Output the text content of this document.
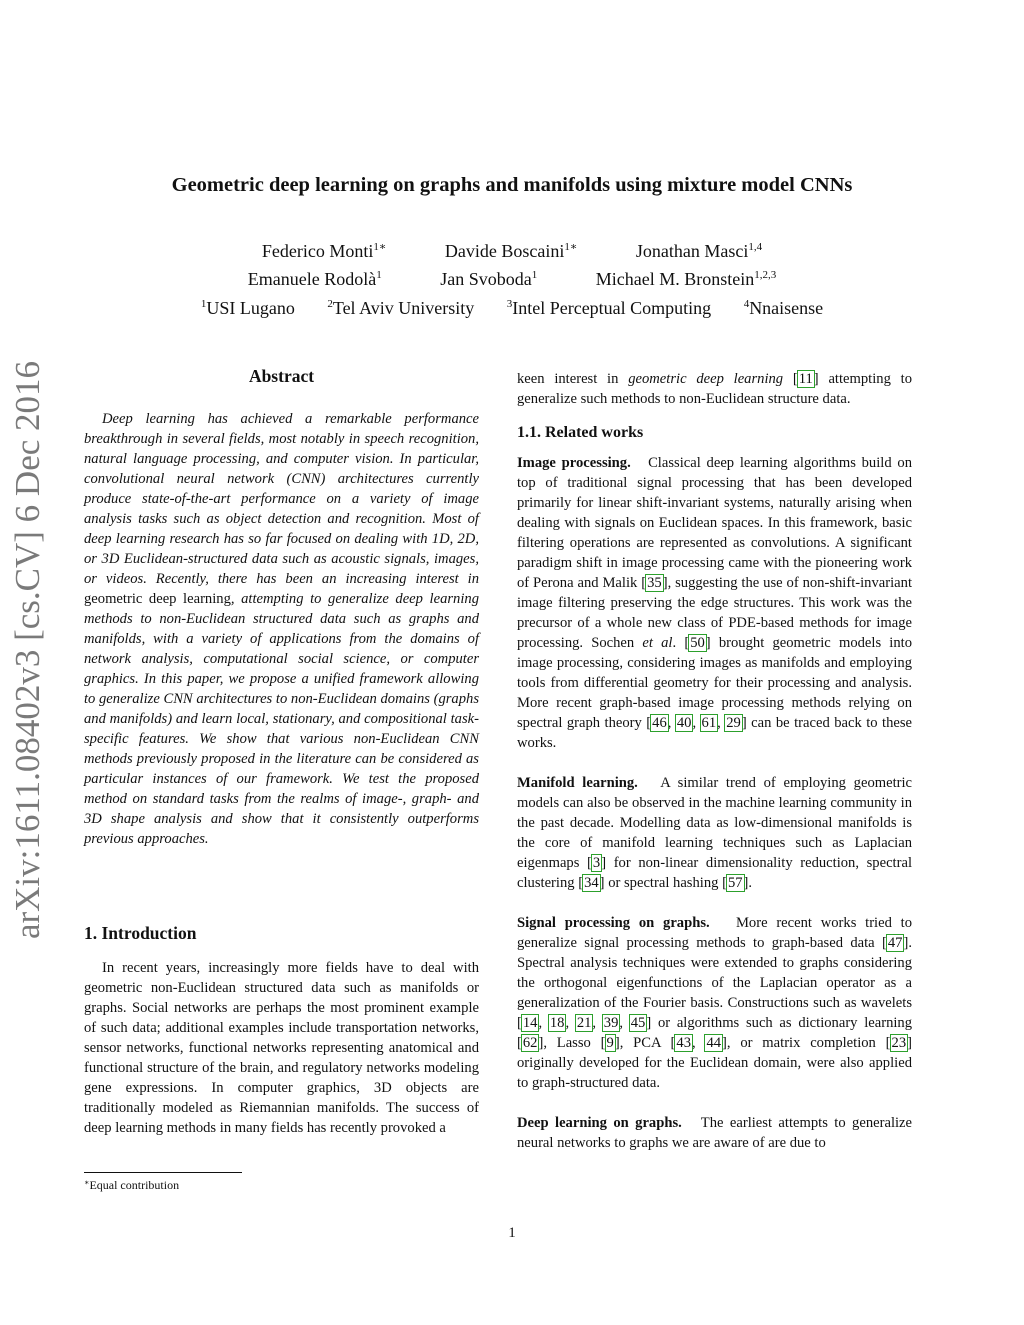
arXiv:1611.08402v3 [cs.CV] 6 Dec 2016
Geometric deep learning on graphs and manifolds using mixture model CNNs
Federico Monti$^{1∗}$	Davide Boscaini$^{1∗}$	Jonathan Masci$^{1,4}$
Emanuele Rodolà$^1$	Jan Svoboda$^1$	Michael M. Bronstein$^{1,2,3}$
$^1$USI Lugano	$^2$Tel Aviv University	$^3$Intel Perceptual Computing	$^4$Nnaisense
Abstract
Deep learning has achieved a remarkable performance breakthrough in several fields, most notably in speech recognition, natural language processing, and computer vision. In particular, convolutional neural network (CNN) architectures currently produce state-of-the-art performance on a variety of image analysis tasks such as object detection and recognition. Most of deep learning research has so far focused on dealing with 1D, 2D, or 3D Euclidean-structured data such as acoustic signals, images, or videos. Recently, there has been an increasing interest in geometric deep learning, attempting to generalize deep learning methods to non-Euclidean structured data such as graphs and manifolds, with a variety of applications from the domains of network analysis, computational social science, or computer graphics. In this paper, we propose a unified framework allowing to generalize CNN architectures to non-Euclidean domains (graphs and manifolds) and learn local, stationary, and compositional task-specific features. We show that various non-Euclidean CNN methods previously proposed in the literature can be considered as particular instances of our framework. We test the proposed method on standard tasks from the realms of image-, graph- and 3D shape analysis and show that it consistently outperforms previous approaches.
1. Introduction
In recent years, increasingly more fields have to deal with geometric non-Euclidean structured data such as manifolds or graphs. Social networks are perhaps the most prominent example of such data; additional examples include transportation networks, sensor networks, functional networks representing anatomical and functional structure of the brain, and regulatory networks modeling gene expressions. In computer graphics, 3D objects are traditionally modeled as Riemannian manifolds. The success of deep learning methods in many fields has recently provoked a
∗Equal contribution

keen interest in geometric deep learning [11] attempting to generalize such methods to non-Euclidean structure data.

1.1. Related works

Image processing. Classical deep learning algorithms build on top of traditional signal processing that has been developed primarily for linear shift-invariant systems, naturally arising when dealing with signals on Euclidean spaces. In this framework, basic filtering operations are represented as convolutions. A significant paradigm shift in image processing came with the pioneering work of Perona and Malik [35], suggesting the use of non-shift-invariant image filtering preserving the edge structures. This work was the precursor of a whole new class of PDE-based methods for image processing. Sochen et al. [50] brought geometric models into image processing, considering images as manifolds and employing tools from differential geometry for their processing and analysis. More recent graph-based image processing methods relying on spectral graph theory [46, 40, 61, 29] can be traced back to these works.

Manifold learning. A similar trend of employing geometric models can also be observed in the machine learning community in the past decade. Modelling data as low-dimensional manifolds is the core of manifold learning techniques such as Laplacian eigenmaps [3] for non-linear dimensionality reduction, spectral clustering [34] or spectral hashing [57].

Signal processing on graphs. More recent works tried to generalize signal processing methods to graph-based data [47]. Spectral analysis techniques were extended to graphs considering the orthogonal eigenfunctions of the Laplacian operator as a generalization of the Fourier basis. Constructions such as wavelets [14, 18, 21, 39, 45] or algorithms such as dictionary learning [62], Lasso [9], PCA [43, 44], or matrix completion [23] originally developed for the Euclidean domain, were also applied to graph-structured data.

Deep learning on graphs. The earliest attempts to generalize neural networks to graphs we are aware of are due to

1
